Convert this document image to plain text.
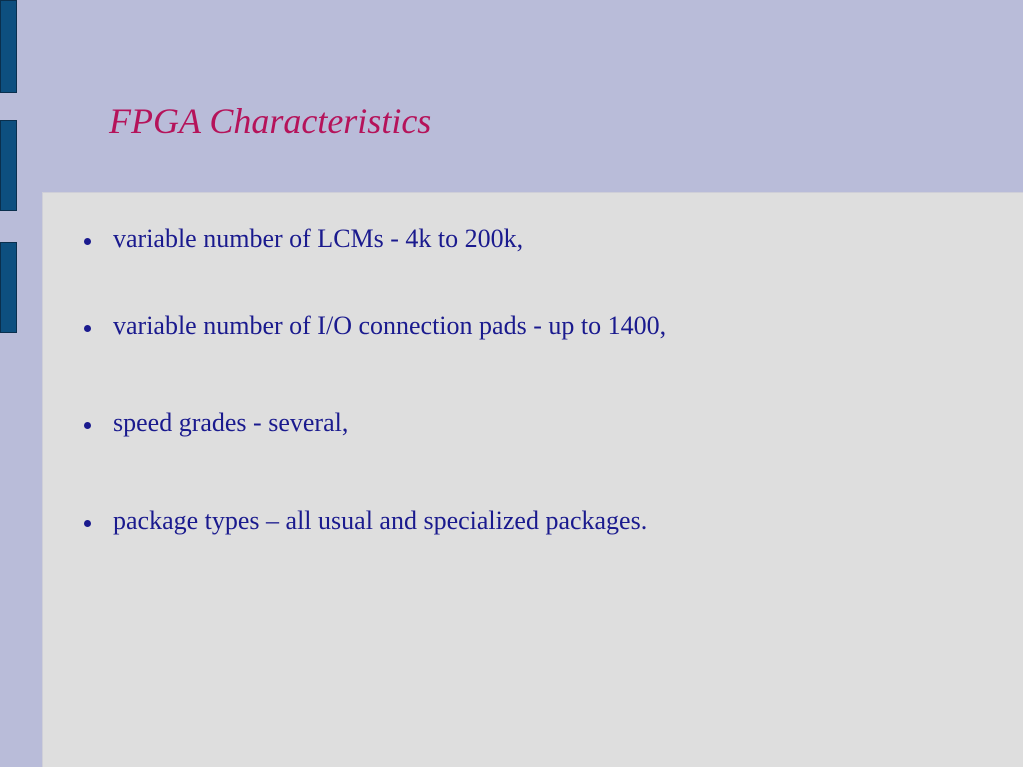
FPGA Characteristics
variable number of LCMs - 4k to 200k,
variable number of I/O connection pads - up to 1400,
speed grades - several,
package types – all usual and specialized packages.
